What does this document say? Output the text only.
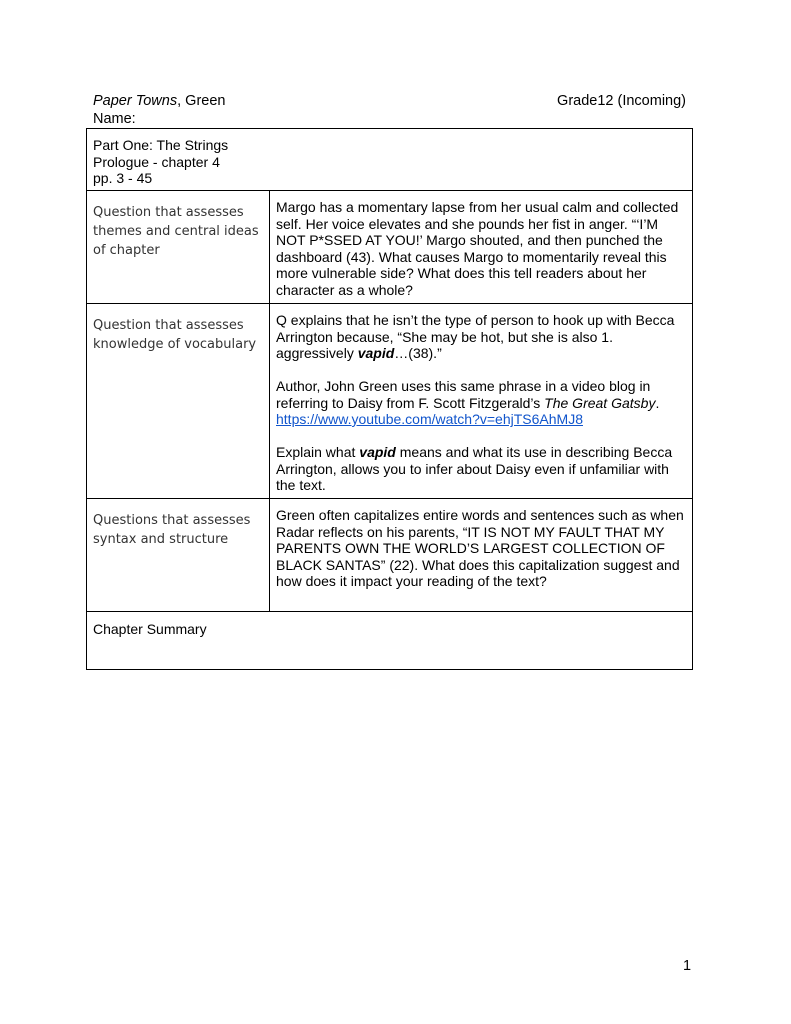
Paper Towns, Green	Grade12 (Incoming)
Name:
Part One: The Strings
Prologue - chapter 4
pp. 3 - 45	

Question that assesses themes and central ideas of chapter	Margo has a momentary lapse from her usual calm and collected self. Her voice elevates and she pounds her fist in anger. “‘I’M NOT P*SSED AT YOU!’ Margo shouted, and then punched the dashboard (43). What causes Margo to momentarily reveal this more vulnerable side? What does this tell readers about her character as a whole?

Question that assesses knowledge of vocabulary	Q explains that he isn’t the type of person to hook up with Becca Arrington because, “She may be hot, but she is also 1. aggressively vapid…(38).”
Author, John Green uses this same phrase in a video blog in referring to Daisy from F. Scott Fitzgerald’s The Great Gatsby.
https://www.youtube.com/watch?v=ehjTS6AhMJ8
Explain what vapid means and what its use in describing Becca Arrington, allows you to infer about Daisy even if unfamiliar with the text.

Questions that assesses syntax and structure	Green often capitalizes entire words and sentences such as when Radar reflects on his parents, “IT IS NOT MY FAULT THAT MY PARENTS OWN THE WORLD’S LARGEST COLLECTION OF BLACK SANTAS” (22). What does this capitalization suggest and how does it impact your reading of the text?

Chapter Summary	
1
